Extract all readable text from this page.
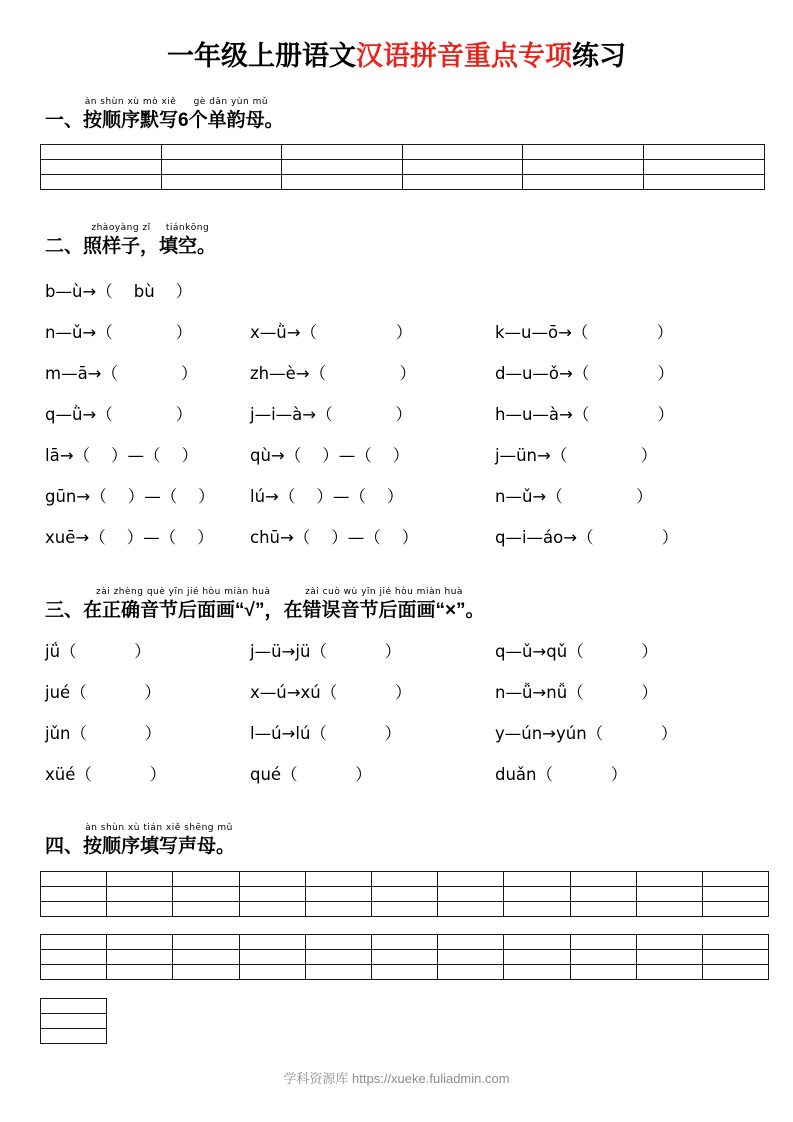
一年级上册语文汉语拼音重点专项练习
一、
àn shùn xù mò xiě
按顺序默写
gè dān yùn mǔ
6个单韵母。

二、
zhàoyàng zǐ
照样子，
tiánkōng
填空。
b—ù→（    bù    ）
n—ǔ→（            ）	x—ǜ→（               ）	k—u—ō→（             ）
m—ā→（            ）	zh—è→（              ）	d—u—ǒ→（             ）
q—ǜ→（            ）	j—i—à→（            ）	h—u—à→（             ）
lā→（    ）—（    ）	qù→（    ）—（    ）	j—ün→（              ）
gūn→（    ）—（    ）	lú→（    ）—（    ）	n—ǔ→（              ）
xuē→（    ）—（    ）	chū→（    ）—（    ）	q—i—áo→（             ）
三、
zài zhèng què yīn jié hòu miàn huà
在正确音节后面画“√”，
zài cuò wù yīn jié hòu miàn huà
在错误音节后面画“×”。
jǘ（           ）	j—ü→jü（           ）	q—ǔ→qǔ（           ）
jué（           ）	x—ú→xú（           ）	n—ǚ→nǚ（           ）
jǔn（           ）	l—ú→lú（           ）	y—ún→yún（           ）
xüé（           ）	qué（           ）	duǎn（           ）
四、
àn shùn xù tián xiě shēng mǔ
按顺序填写声母。

学科资源库 https://xueke.fuliadmin.com
